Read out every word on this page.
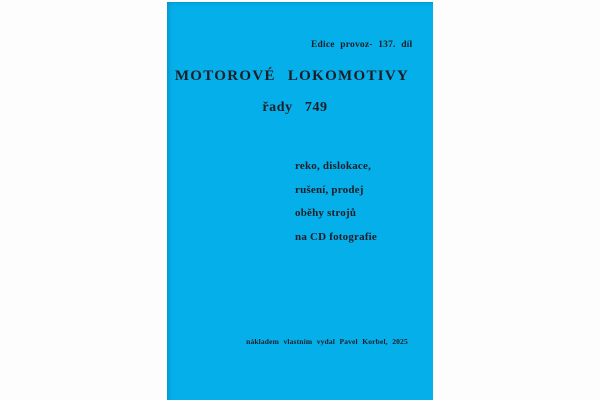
Edice provoz- 137. díl
MOTOROVÉ LOKOMOTIVY
řady 749
reko, dislokace,
rušení, prodej
oběhy strojů
na CD fotografie
nákladem vlastním vydal Pavel Korbel, 2025
